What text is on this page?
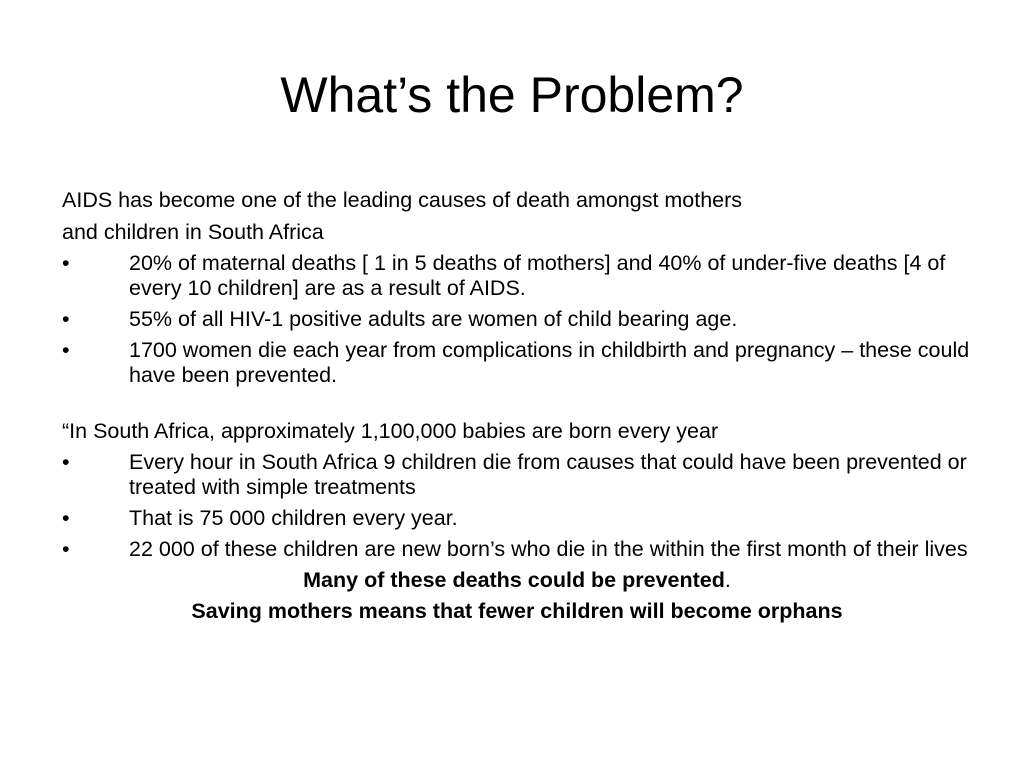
What’s the Problem?
AIDS has become one of the leading causes of death amongst mothers
and children in South Africa
•	20% of maternal deaths [ 1 in 5 deaths of mothers] and 40% of under-five deaths [4 of every 10 children] are as a result of AIDS.
•	55% of all HIV-1 positive adults are women of child bearing age.
•	1700 women die each year from complications in childbirth and pregnancy – these could have been prevented.
“In South Africa, approximately 1,100,000 babies are born every year
•	Every hour in South Africa 9 children die from causes that could have been prevented or treated with simple treatments
•	That is 75 000 children every year.
•	22 000 of these children are new born’s who die in the within the first month of their lives
Many of these deaths could be prevented.
Saving mothers means that fewer children will become orphans
